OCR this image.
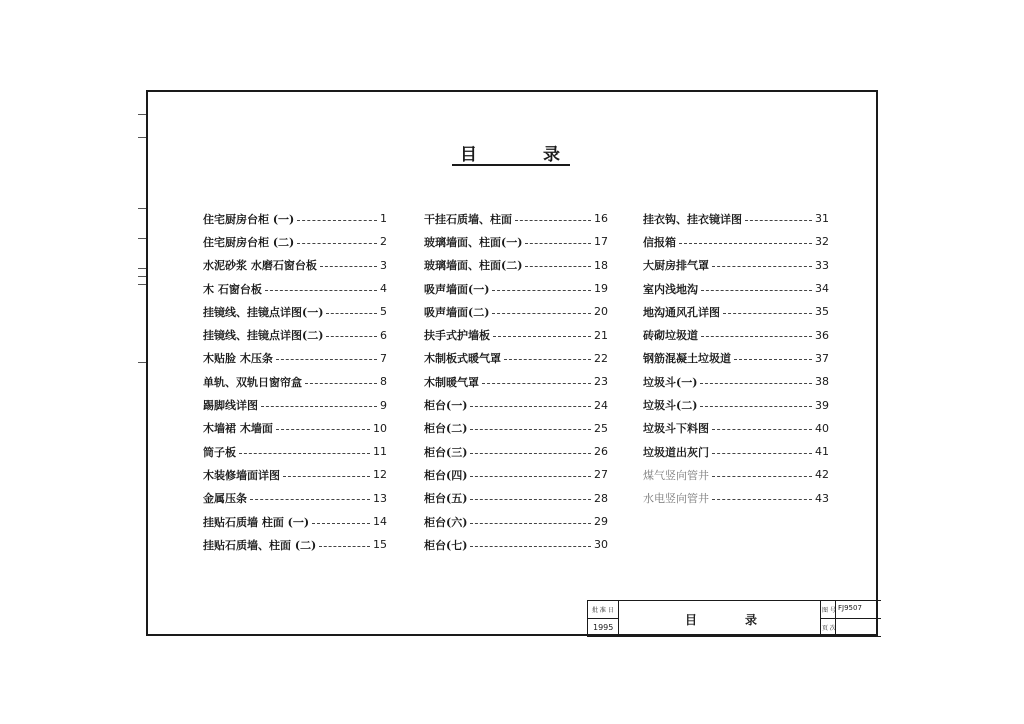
目	录
住宅厨房台柜 (一)	1
住宅厨房台柜 (二)	2
水泥砂浆 水磨石窗台板	3
木 石窗台板	4
挂镜线、挂镜点详图(一)	5
挂镜线、挂镜点详图(二)	6
木贴脸 木压条	7
单轨、双轨日窗帘盒	8
踢脚线详图	9
木墙裙 木墙面	10
筒子板	11
木装修墙面详图	12
金属压条	13
挂贴石质墙 柱面 (一)	14
挂贴石质墙、柱面 (二)	15
干挂石质墙、柱面	16
玻璃墙面、柱面(一)	17
玻璃墙面、柱面(二)	18
吸声墙面(一)	19
吸声墙面(二)	20
扶手式护墙板	21
木制板式暖气罩	22
木制暖气罩	23
柜台(一)	24
柜台(二)	25
柜台(三)	26
柜台(四)	27
柜台(五)	28
柜台(六)	29
柜台(七)	30
挂衣钩、挂衣镜详图	31
信报箱	32
大厨房排气罩	33
室内浅地沟	34
地沟通风孔详图	35
砖砌垃圾道	36
钢筋混凝土垃圾道	37
垃圾斗(一)	38
垃圾斗(二)	39
垃圾斗下料图	40
垃圾道出灰门	41
煤气竖向管井	42
水电竖向管井	43
批 准 日
1995
目	录
图 号 FJ9507
页 次
